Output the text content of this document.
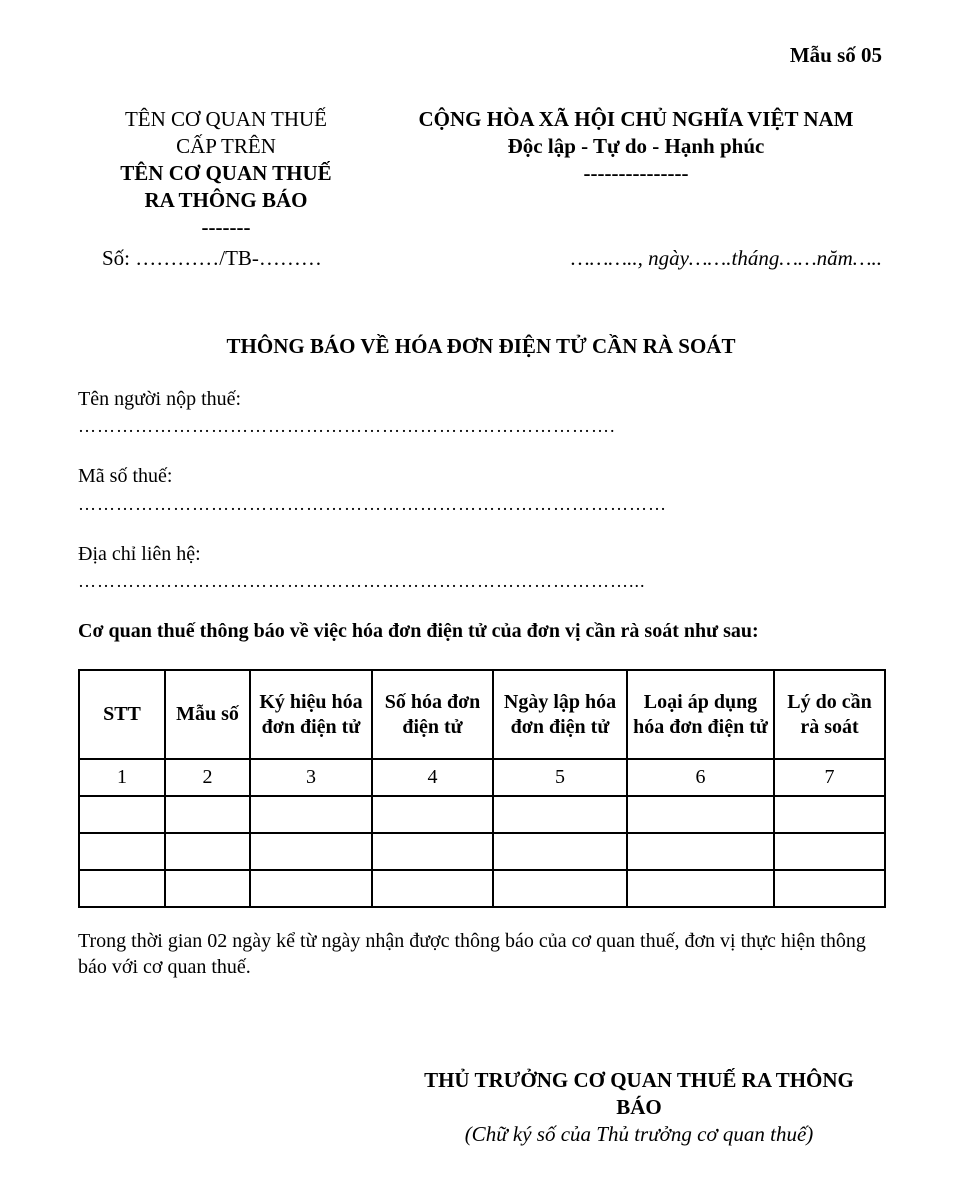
Mẫu số 05
TÊN CƠ QUAN THUẾ
CẤP TRÊN
TÊN CƠ QUAN THUẾ
RA THÔNG BÁO
-------
Số: …………/TB-………
CỘNG HÒA XÃ HỘI CHỦ NGHĨA VIỆT NAM
Độc lập - Tự do - Hạnh phúc
---------------
……….., ngày…….tháng……năm…..
THÔNG BÁO VỀ HÓA ĐƠN ĐIỆN TỬ CẦN RÀ SOÁT
Tên người nộp thuế:
………………………………………………………………………….
Mã số thuế:
…………………………………………………………………………………
Địa chỉ liên hệ:
……………………………………………………………………………...
Cơ quan thuế thông báo về việc hóa đơn điện tử của đơn vị cần rà soát như sau:
STT	Mẫu số	Ký hiệu hóa đơn điện tử	Số hóa đơn điện tử	Ngày lập hóa đơn điện tử	Loại áp dụng hóa đơn điện tử	Lý do cần rà soát
1	2	3	4	5	6	7

Trong thời gian 02 ngày kể từ ngày nhận được thông báo của cơ quan thuế, đơn vị thực hiện thông báo với cơ quan thuế.
THỦ TRƯỞNG CƠ QUAN THUẾ RA THÔNG BÁO
(Chữ ký số của Thủ trưởng cơ quan thuế)
